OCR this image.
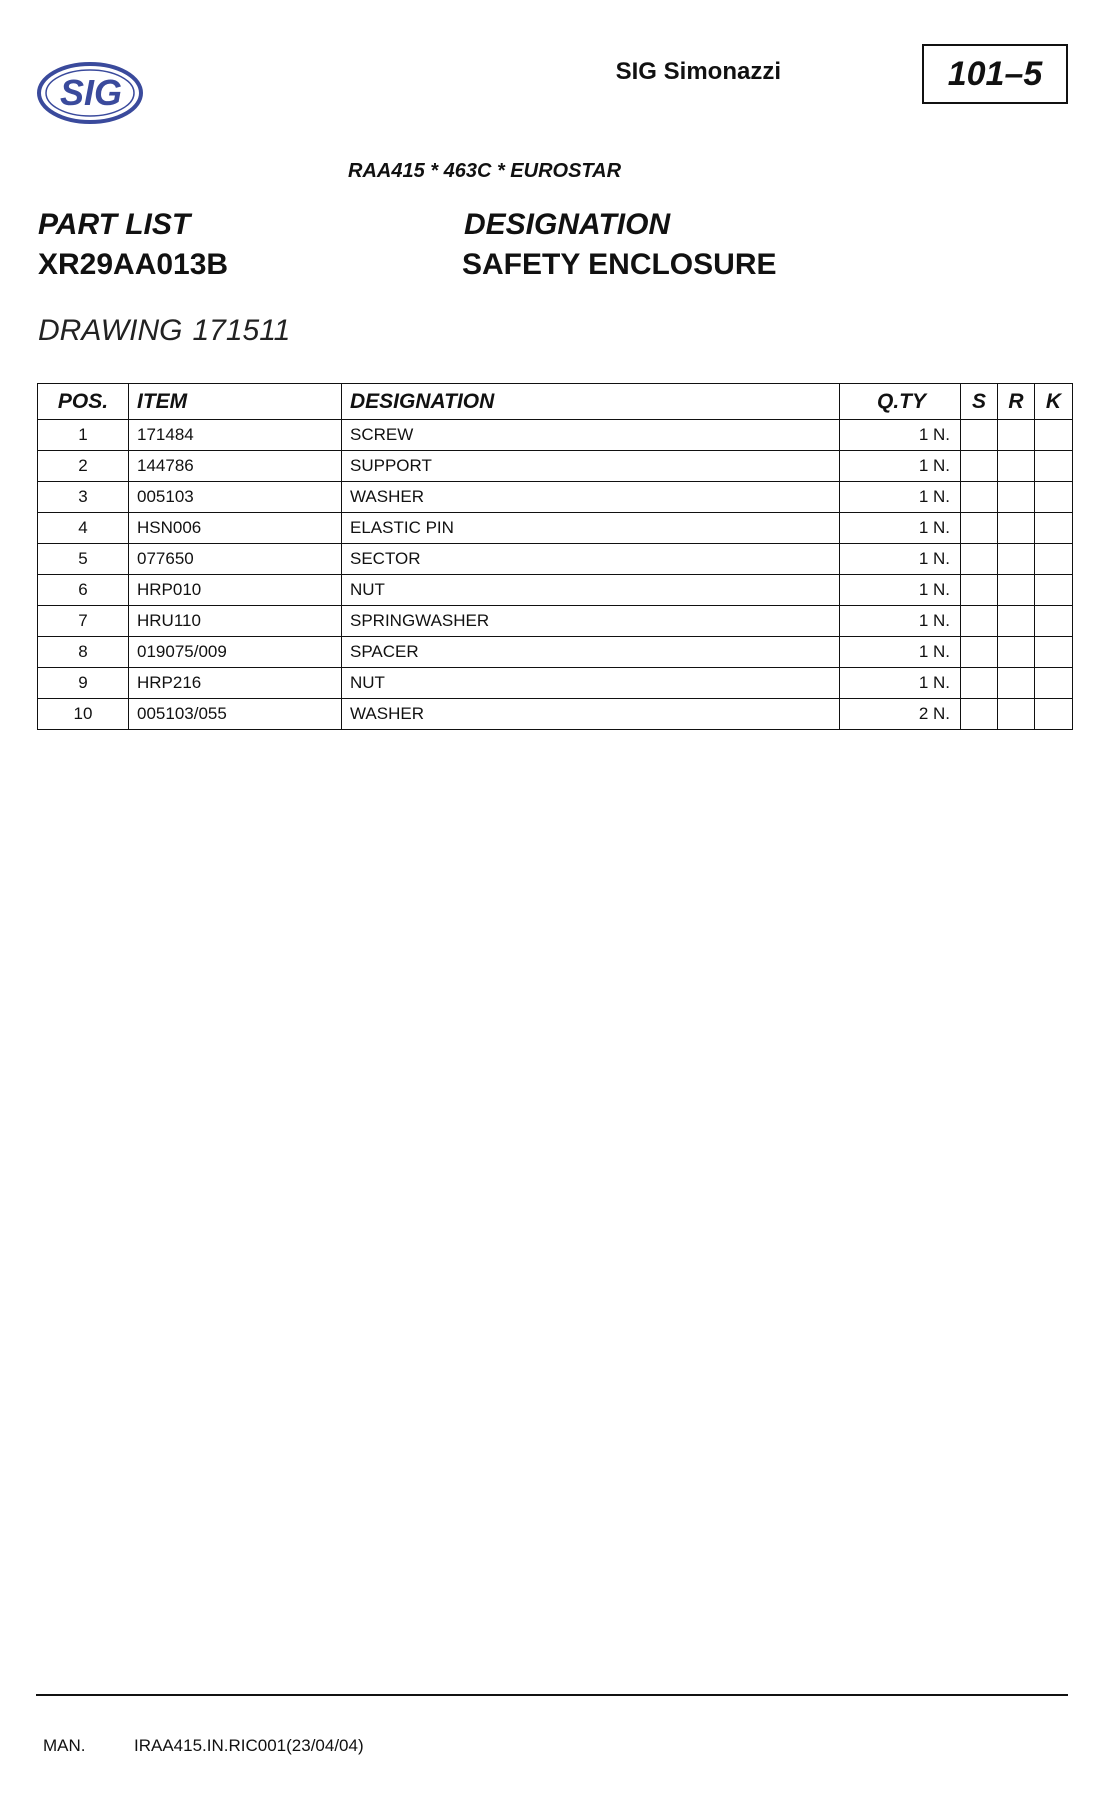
SIG
SIG Simonazzi	101–5
RAA415 * 463C * EUROSTAR
PART LIST
XR29AA013B
DESIGNATION
SAFETY ENCLOSURE
DRAWING 171511
POS.	ITEM	DESIGNATION	Q.TY	S	R	K
1	171484	SCREW	1 N.			
2	144786	SUPPORT	1 N.			
3	005103	WASHER	1 N.			
4	HSN006	ELASTIC PIN	1 N.			
5	077650	SECTOR	1 N.			
6	HRP010	NUT	1 N.			
7	HRU110	SPRINGWASHER	1 N.			
8	019075/009	SPACER	1 N.			
9	HRP216	NUT	1 N.			
10	005103/055	WASHER	2 N.			
MAN.	IRAA415.IN.RIC001(23/04/04)
